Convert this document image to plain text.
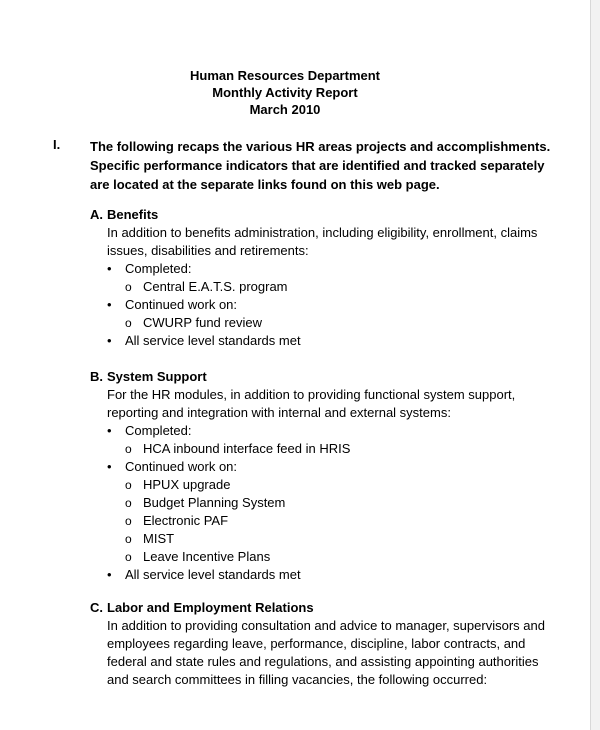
Human Resources Department
Monthly Activity Report
March 2010
I. The following recaps the various HR areas projects and accomplishments. Specific performance indicators that are identified and tracked separately are located at the separate links found on this web page.
A. Benefits
In addition to benefits administration, including eligibility, enrollment, claims issues, disabilities and retirements:
• Completed:
o Central E.A.T.S. program
• Continued work on:
o CWURP fund review
• All service level standards met
B. System Support
For the HR modules, in addition to providing functional system support, reporting and integration with internal and external systems:
• Completed:
o HCA inbound interface feed in HRIS
• Continued work on:
o HPUX upgrade
o Budget Planning System
o Electronic PAF
o MIST
o Leave Incentive Plans
• All service level standards met
C. Labor and Employment Relations
In addition to providing consultation and advice to manager, supervisors and employees regarding leave, performance, discipline, labor contracts, and federal and state rules and regulations, and assisting appointing authorities and search committees in filling vacancies, the following occurred:
